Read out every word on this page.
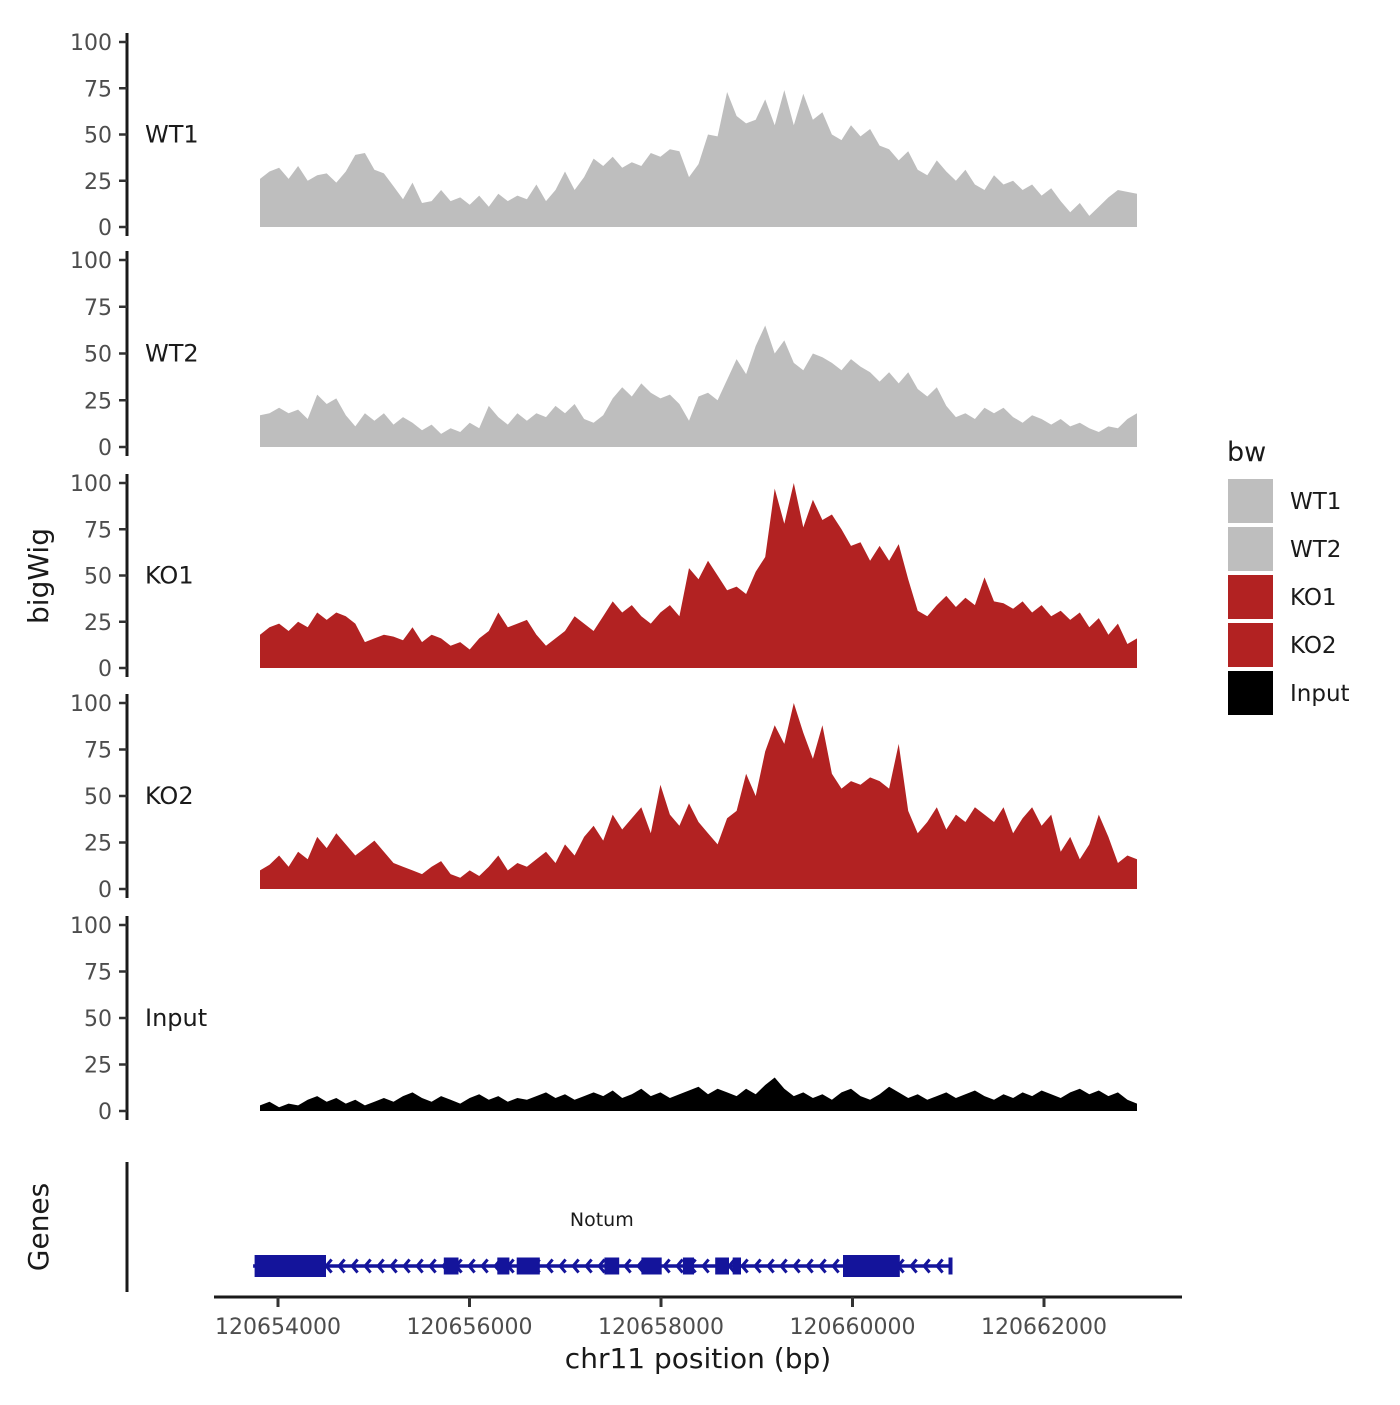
0
25
50
75
100
WT1
0
25
50
75
100
WT2
0
25
50
75
100
KO1
0
25
50
75
100
KO2
0
25
50
75
100
Input
bigWig
Notum
Genes
120654000	120656000	120658000	120660000	120662000
chr11 position (bp)
WT1
WT2
KO1
KO2
Input
bw
